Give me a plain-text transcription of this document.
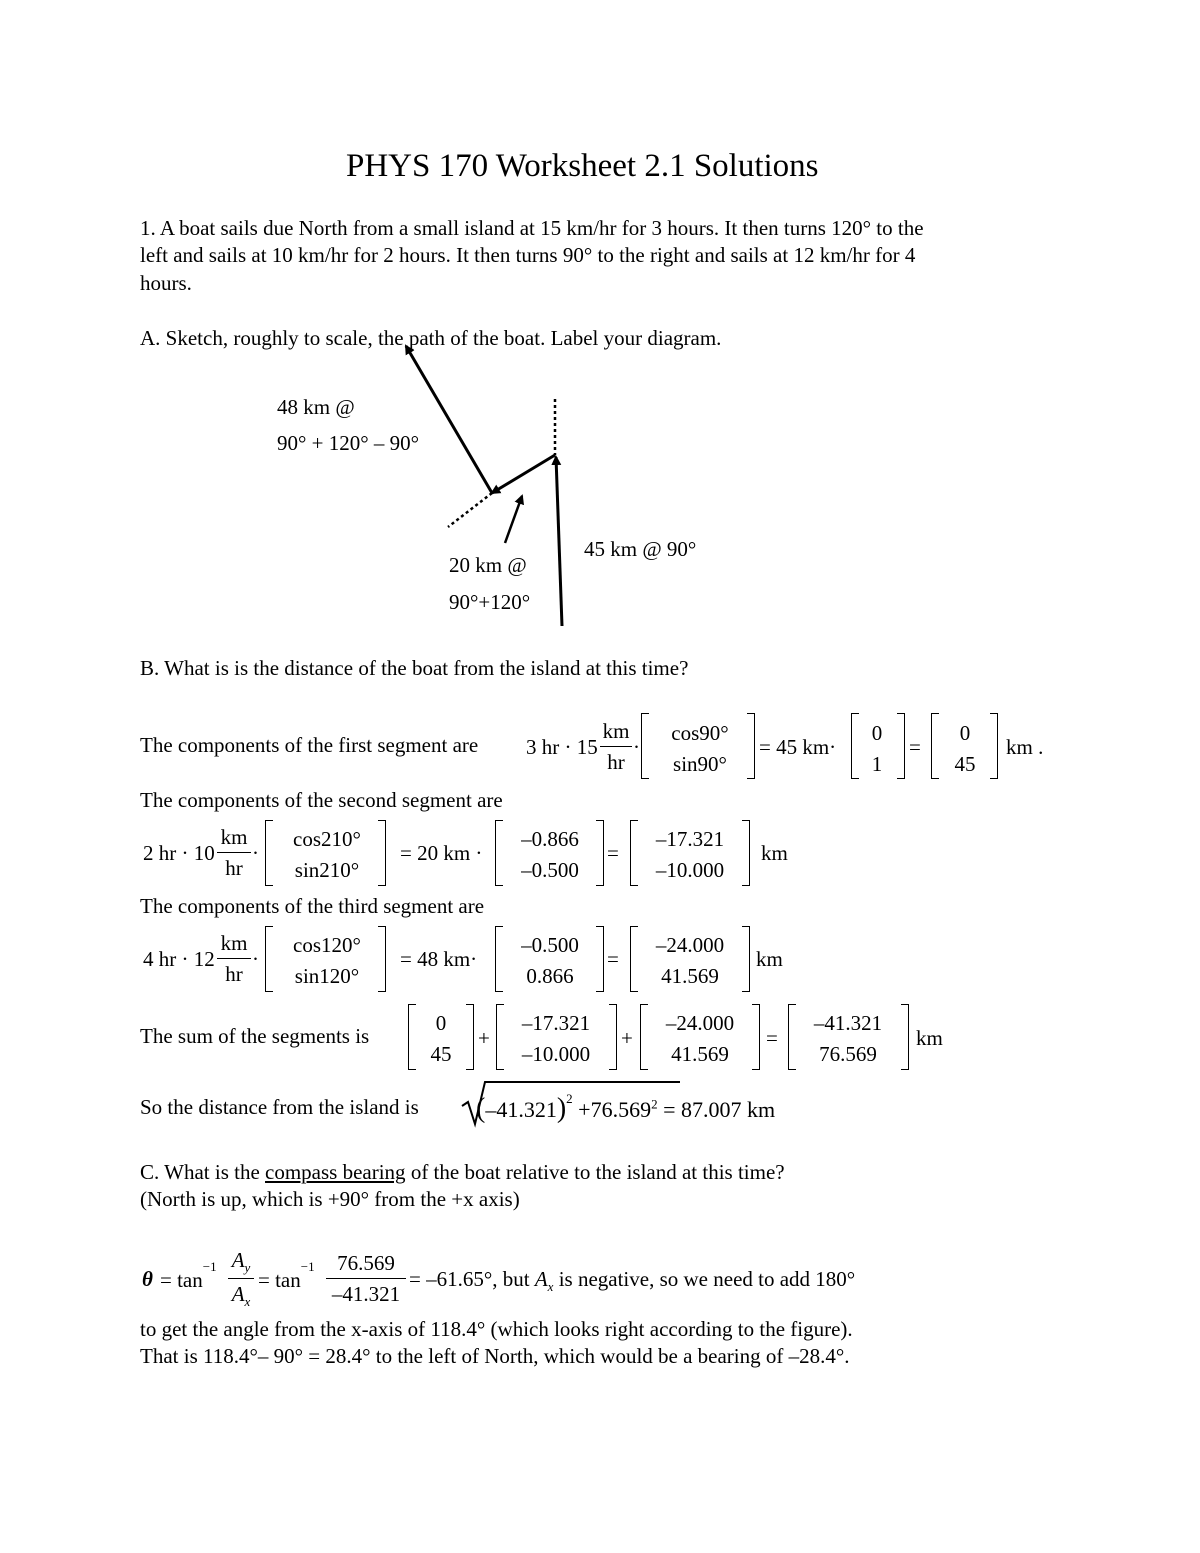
PHYS 170 Worksheet 2.1 Solutions
1. A boat sails due North from a small island at 15 km/hr for 3 hours. It then turns 120° to the
left and sails at 10 km/hr for 2 hours. It then turns 90° to the right and sails at 12 km/hr for 4
hours.
A. Sketch, roughly to scale, the path of the boat. Label your diagram.
48 km @
90° + 120° – 90°
20 km @
90°+120°
45 km @ 90°
B. What is is the distance of the boat from the island at this time?
The components of the first segment are 3 hr · $15 \frac{km}{hr}$ ·
cos90°
sin90°
= 45 km·
0
1
=
0
45
km .
The components of the second segment are
2 hr · $10 \frac{km}{hr}$ ·
cos210°
sin210°
= 20 km ·
–0.866
–0.500
=
–17.321
–10.000
km
The components of the third segment are
4 hr · $12 \frac{km}{hr}$ ·
cos120°
sin120°
= 48 km·
–0.500
0.866
=
–24.000
41.569
km
The sum of the segments is
0
45
+
–17.321
–10.000
+
–24.000
41.569
=
–41.321
76.569
km
So the distance from the island is $(-41.321)^2 +76.569^2 = 87.007$ km
C. What is the compass bearing of the boat relative to the island at this time?
(North is up, which is +90° from the +x axis)
$\theta = \tan^{-1} \frac{A_y}{A_x} = \tan^{-1} \frac{76.569}{-41.321} = -61.65^\circ$, but $A_x$ is negative, so we need to add 180°
to get the angle from the x-axis of 118.4° (which looks right according to the figure).
That is 118.4°– 90° = 28.4° to the left of North, which would be a bearing of –28.4°.
